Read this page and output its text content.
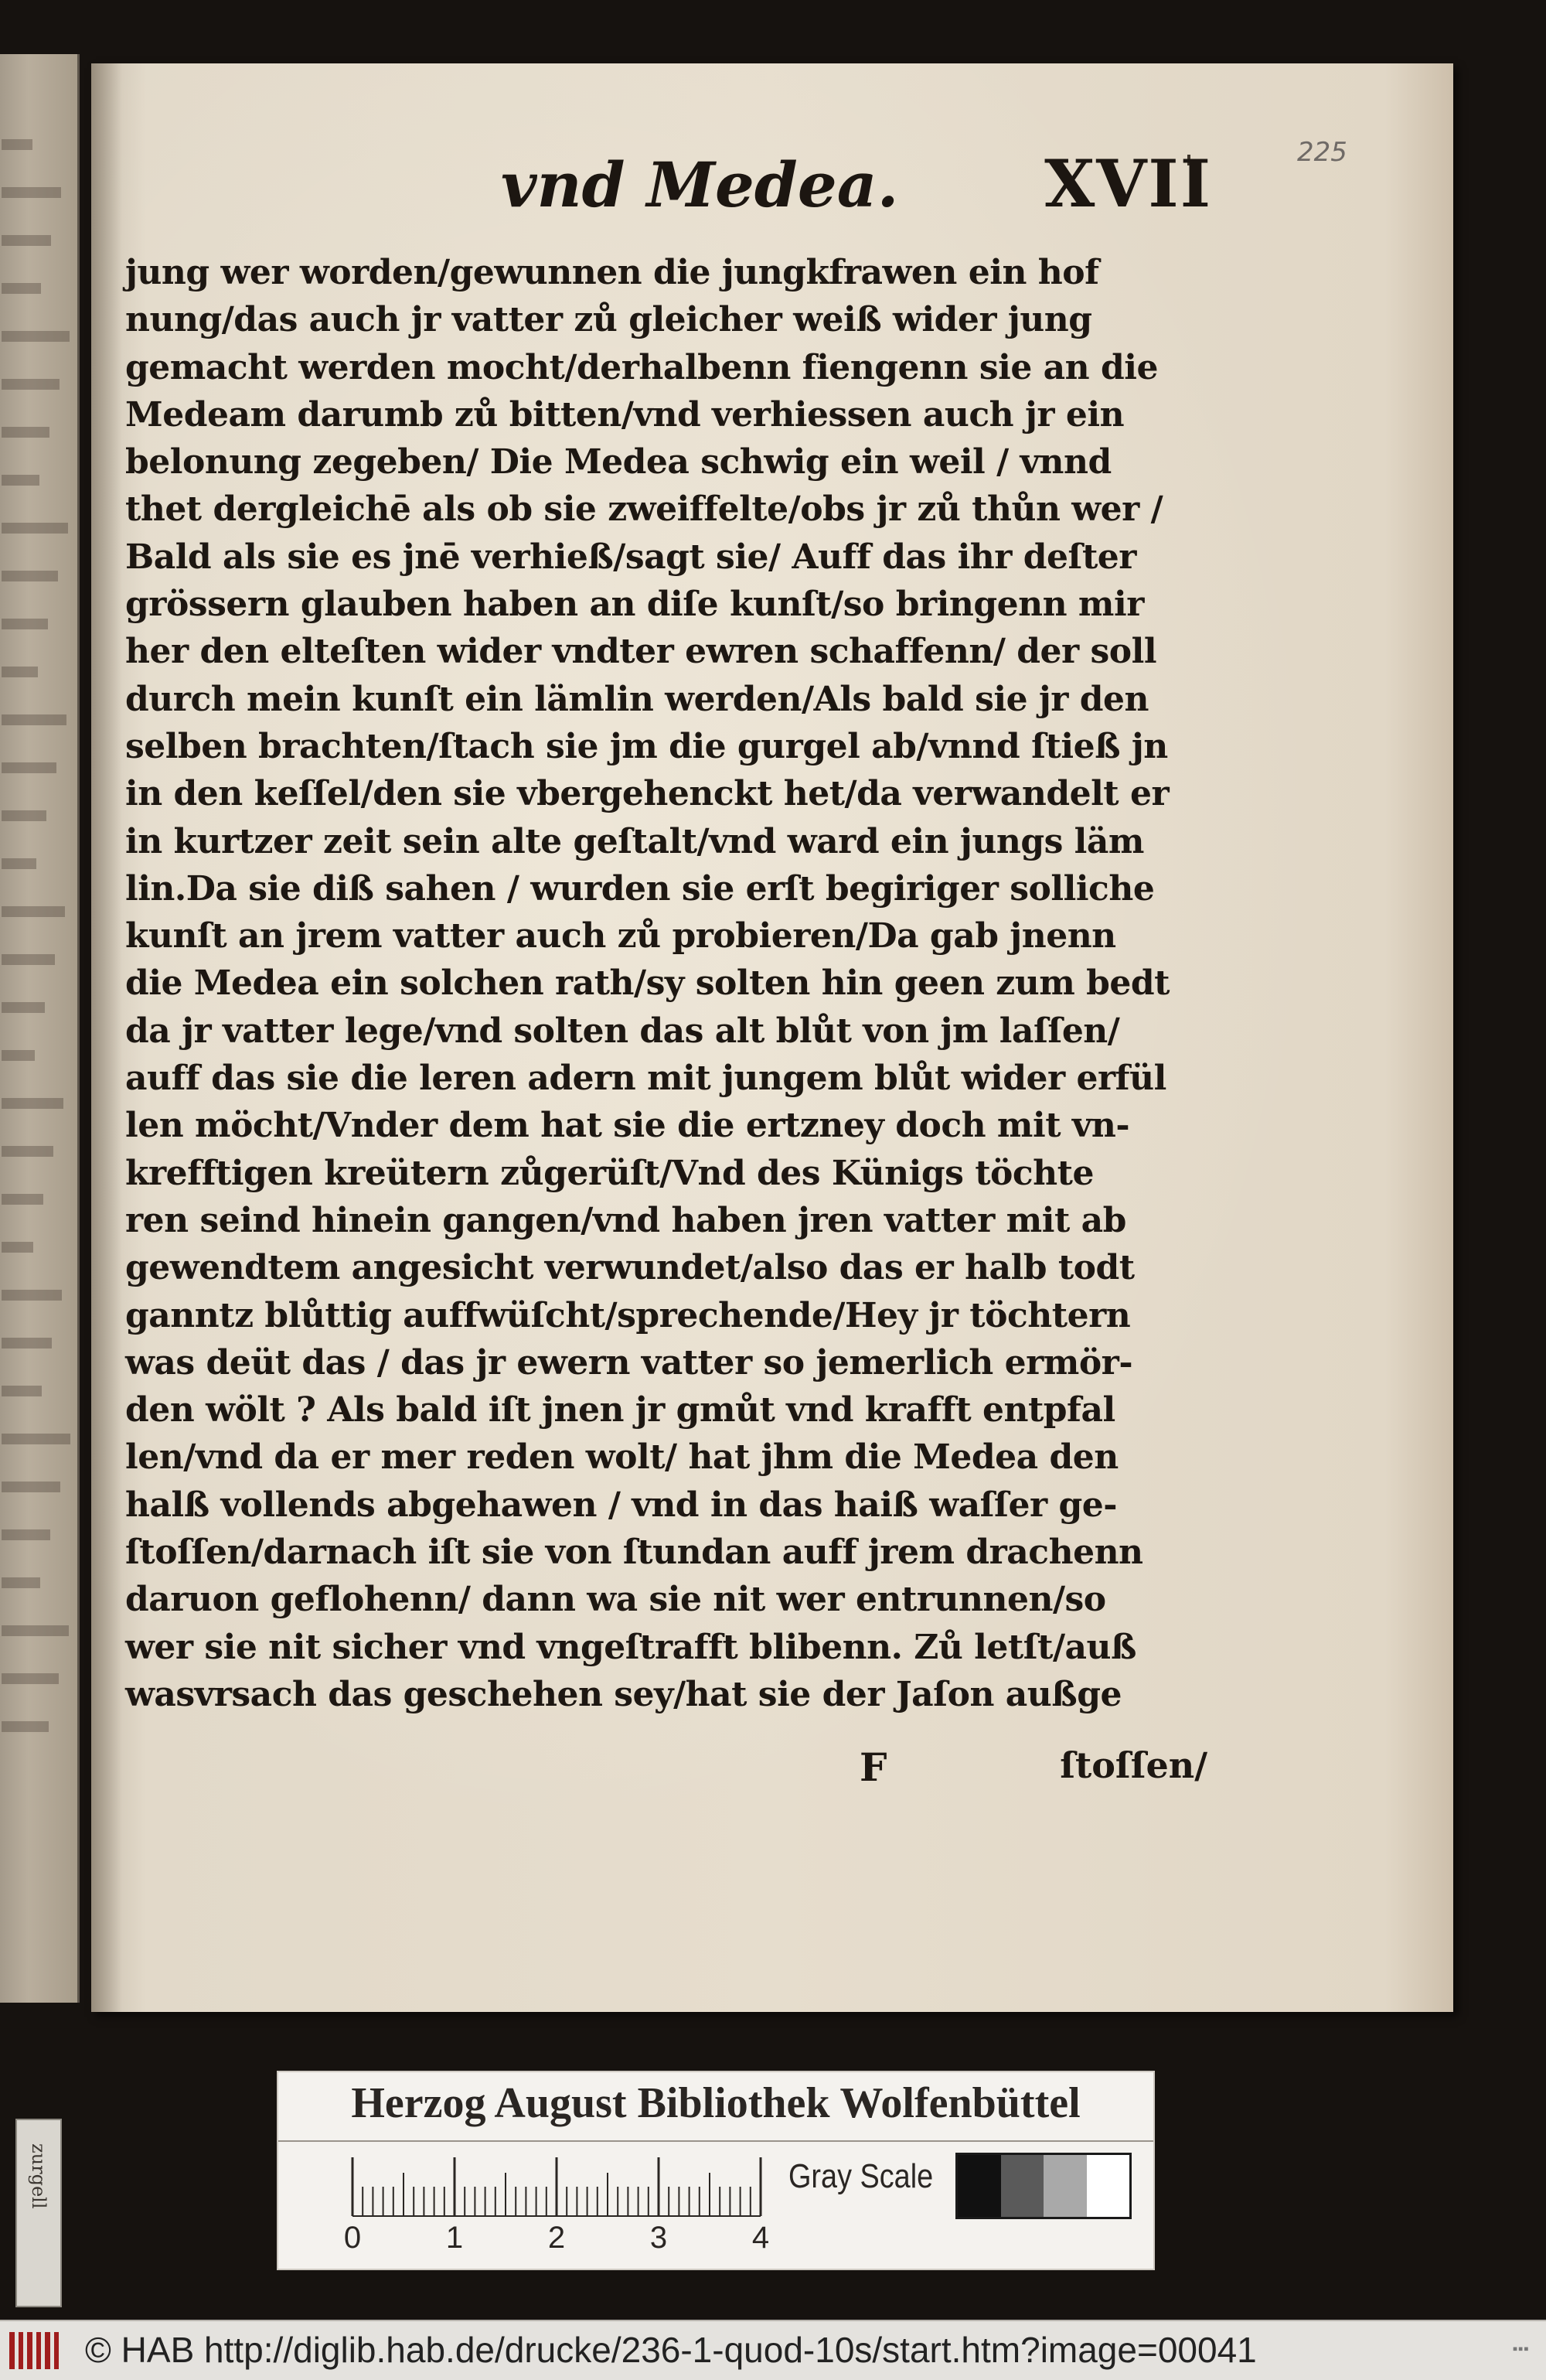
zurgell
225
vnd Medea. XVII
jung wer worden/gewunnen die jungkfrawen ein hof
nung/das auch jr vatter zů gleicher weiß wider jung
gemacht werden mocht/derhalbenn fiengenn sie an die
Medeam darumb zů bitten/vnd verhiessen auch jr ein
belonung zegeben/ Die Medea schwig ein weil / vnnd
thet dergleichē als ob sie zweiffelte/obs jr zů thůn wer /
Bald als sie es jnē verhieß/sagt sie/ Auff das ihr deſter
grössern glauben haben an diſe kunſt/so bringenn mir
her den elteſten wider vndter ewren schaffenn/ der soll
durch mein kunſt ein lämlin werden/Als bald sie jr den
selben brachten/ſtach sie jm die gurgel ab/vnnd ſtieß jn
in den keſſel/den sie vbergehenckt het/da verwandelt er
in kurtzer zeit sein alte geſtalt/vnd ward ein jungs läm
lin.Da sie diß sahen / wurden sie erſt begiriger solliche
kunſt an jrem vatter auch zů probieren/Da gab jnenn
die Medea ein solchen rath/sy solten hin geen zum bedt
da jr vatter lege/vnd solten das alt blůt von jm laſſen/
auff das sie die leren adern mit jungem blůt wider erfül
len möcht/Vnder dem hat sie die ertzney doch mit vn-
krefftigen kreütern zůgerüſt/Vnd des Künigs töchte
ren seind hinein gangen/vnd haben jren vatter mit ab
gewendtem angesicht verwundet/also das er halb todt
ganntz blůttig auffwüſcht/sprechende/Hey jr töchtern
was deüt das / das jr ewern vatter so jemerlich ermör-
den wölt ? Als bald iſt jnen jr gmůt vnd krafft entpfal
len/vnd da er mer reden wolt/ hat jhm die Medea den
halß vollends abgehawen / vnd in das haiß waſſer ge-
ſtoſſen/darnach iſt sie von ſtundan auff jrem drachenn
daruon geflohenn/ dann wa sie nit wer entrunnen/so
wer sie nit sicher vnd vngeſtrafft blibenn. Zů letſt/auß
wasvrsach das geschehen sey/hat sie der Jaſon außge
F	ſtoſſen/
Herzog August Bibliothek Wolfenbüttel
0	1	2	3	4
Gray Scale
© HAB http://diglib.hab.de/drucke/236-1-quod-10s/start.htm?image=00041	▪▪▪
